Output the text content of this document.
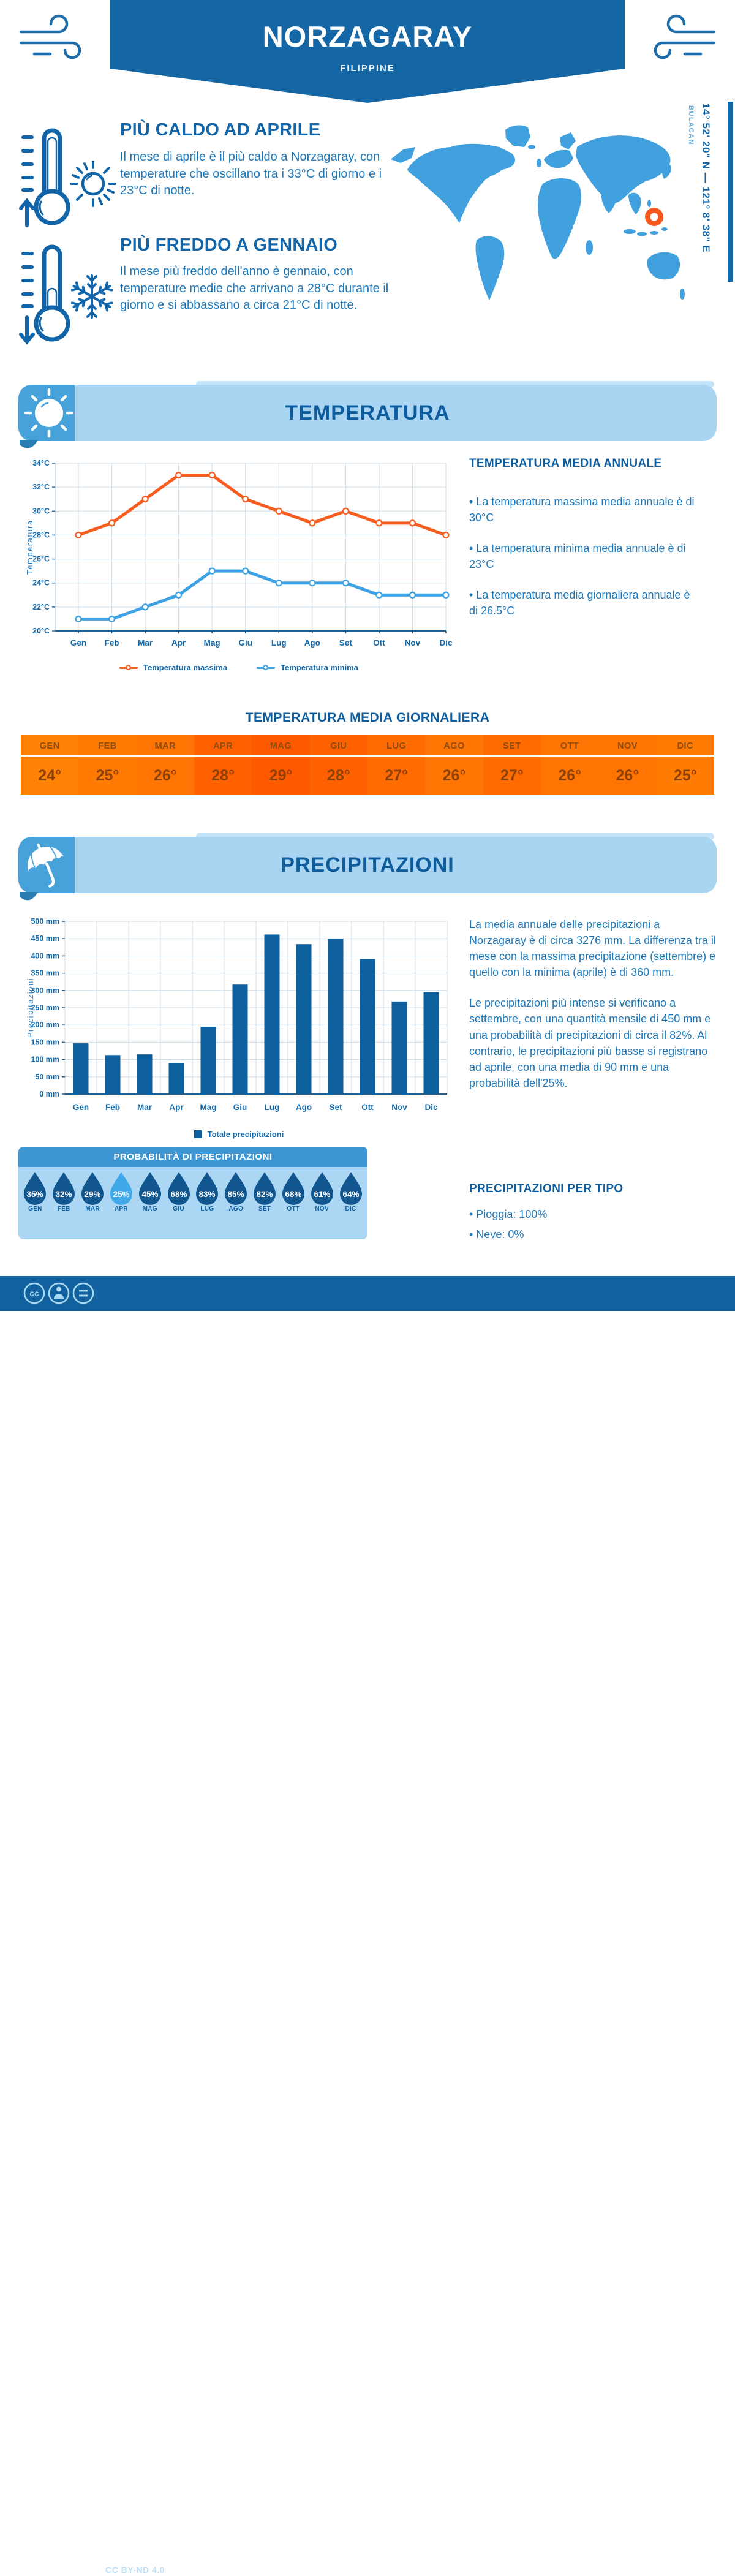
NORZAGARAY
FILIPPINE
PIÙ CALDO AD APRILE
Il mese di aprile è il più caldo a Norzagaray, con temperature che oscillano tra i 33°C di giorno e i 23°C di notte.
PIÙ FREDDO A GENNAIO
Il mese più freddo dell'anno è gennaio, con temperature medie che arrivano a 28°C durante il giorno e si abbassano a circa 21°C di notte.
BULACAN 14° 52' 20" N — 121° 8' 38" E
TEMPERATURA
Gen Feb Mar Apr Mag Giu Lug Ago Set	Ott Nov Dic
20°C
22°C
24°C
26°C
28°C
30°C
32°C
34°C
Temperatura
Temperatura massima	Temperatura minima
TEMPERATURA MEDIA ANNUALE

• La temperatura massima media annuale è di 30°C

• La temperatura minima media annuale è di 23°C

• La temperatura media giornaliera annuale è di 26.5°C

TEMPERATURA MEDIA GIORNALIERA
GEN
24°
FEB
25°
MAR
26°
APR
28°
MAG
29°
GIU
28°
LUG
27°
AGO
26°
SET
27°
OTT
26°
NOV
26°
DIC
25°
PRECIPITAZIONI
0 mm
50 mm
100 mm
150 mm
200 mm
250 mm
300 mm
350 mm
400 mm
450 mm
500 mm
Gen Feb Mar Apr Mag Giu Lug Ago Set Ott Nov Dic
Precipitazioni
Totale precipitazioni

La media annuale delle precipitazioni a Norzagaray è di circa 3276 mm. La differenza tra il mese con la massima precipitazione (settembre) e quello con la minima (aprile) è di 360 mm.

Le precipitazioni più intense si verificano a settembre, con una quantità mensile di 450 mm e una probabilità di precipitazioni di circa il 82%. Al contrario, le precipitazioni più basse si registrano ad aprile, con una media di 90 mm e una probabilità dell'25%.

PROBABILITÀ DI PRECIPITAZIONI
35%
GEN
32%
FEB
29%
MAR
25%
APR
45%
MAG
68%
GIU
83%
LUG
85%
AGO
82%
SET
68%
OTT
61%
NOV
64%
DIC
PRECIPITAZIONI PER TIPO

• Pioggia: 100%

• Neve: 0%

cc
CC BY-ND 4.0	METEOATLAS.IT
